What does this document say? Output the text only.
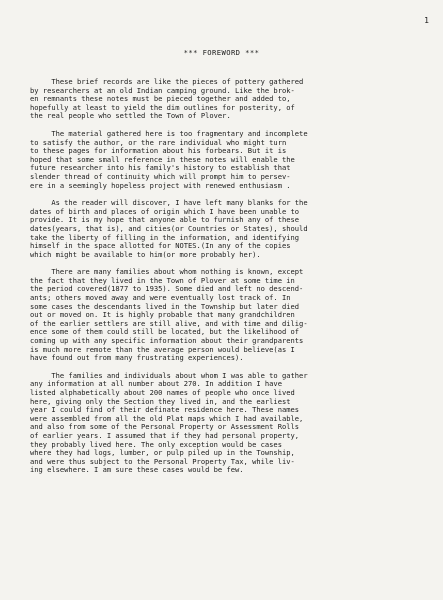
1
*** FOREWORD ***
These brief records are like the pieces of pottery gathered
by researchers at an old Indian camping ground. Like the brok-
en remnants these notes must be pieced together and added to,
hopefully at least to yield the dim outlines for posterity, of
the real people who settled the Town of Plover.
The material gathered here is too fragmentary and incomplete
to satisfy the author, or the rare individual who might turn
to these pages for information about his forbears. But it is
hoped that some small reference in these notes will enable the
future researcher into his family's history to establish that
slender thread of continuity which will prompt him to persev-
ere in a seemingly hopeless project with renewed enthusiasm .
As the reader will discover, I have left many blanks for the
dates of birth and places of origin which I have been unable to
provide. It is my hope that anyone able to furnish any of these
dates(years, that is), and cities(or Countries or States), should
take the liberty of filling in the information, and identifying
himself in the space allotted for NOTES.(In any of the copies
which might be available to him(or more probably her).
There are many families about whom nothing is known, except
the fact that they lived in the Town of Plover at some time in
the period covered(1877 to 1935). Some died and left no descend-
ants; others moved away and were eventually lost track of. In
some cases the descendants lived in the Township but later died
out or moved on. It is highly probable that many grandchildren
of the earlier settlers are still alive, and with time and dilig-
ence some of them could still be located, but the likelihood of
coming up with any specific information about their grandparents
is much more remote than the average person would believe(as I
have found out from many frustrating experiences).
The families and individuals about whom I was able to gather
any information at all number about 270. In addition I have
listed alphabetically about 200 names of people who once lived
here, giving only the Section they lived in, and the earliest
year I could find of their definate residence here. These names
were assembled from all the old Plat maps which I had available,
and also from some of the Personal Property or Assessment Rolls
of earlier years. I assumed that if they had personal property,
they probably lived here. The only exception would be cases
where they had logs, lumber, or pulp piled up in the Township,
and were thus subject to the Personal Property Tax, while liv-
ing elsewhere. I am sure these cases would be few.
